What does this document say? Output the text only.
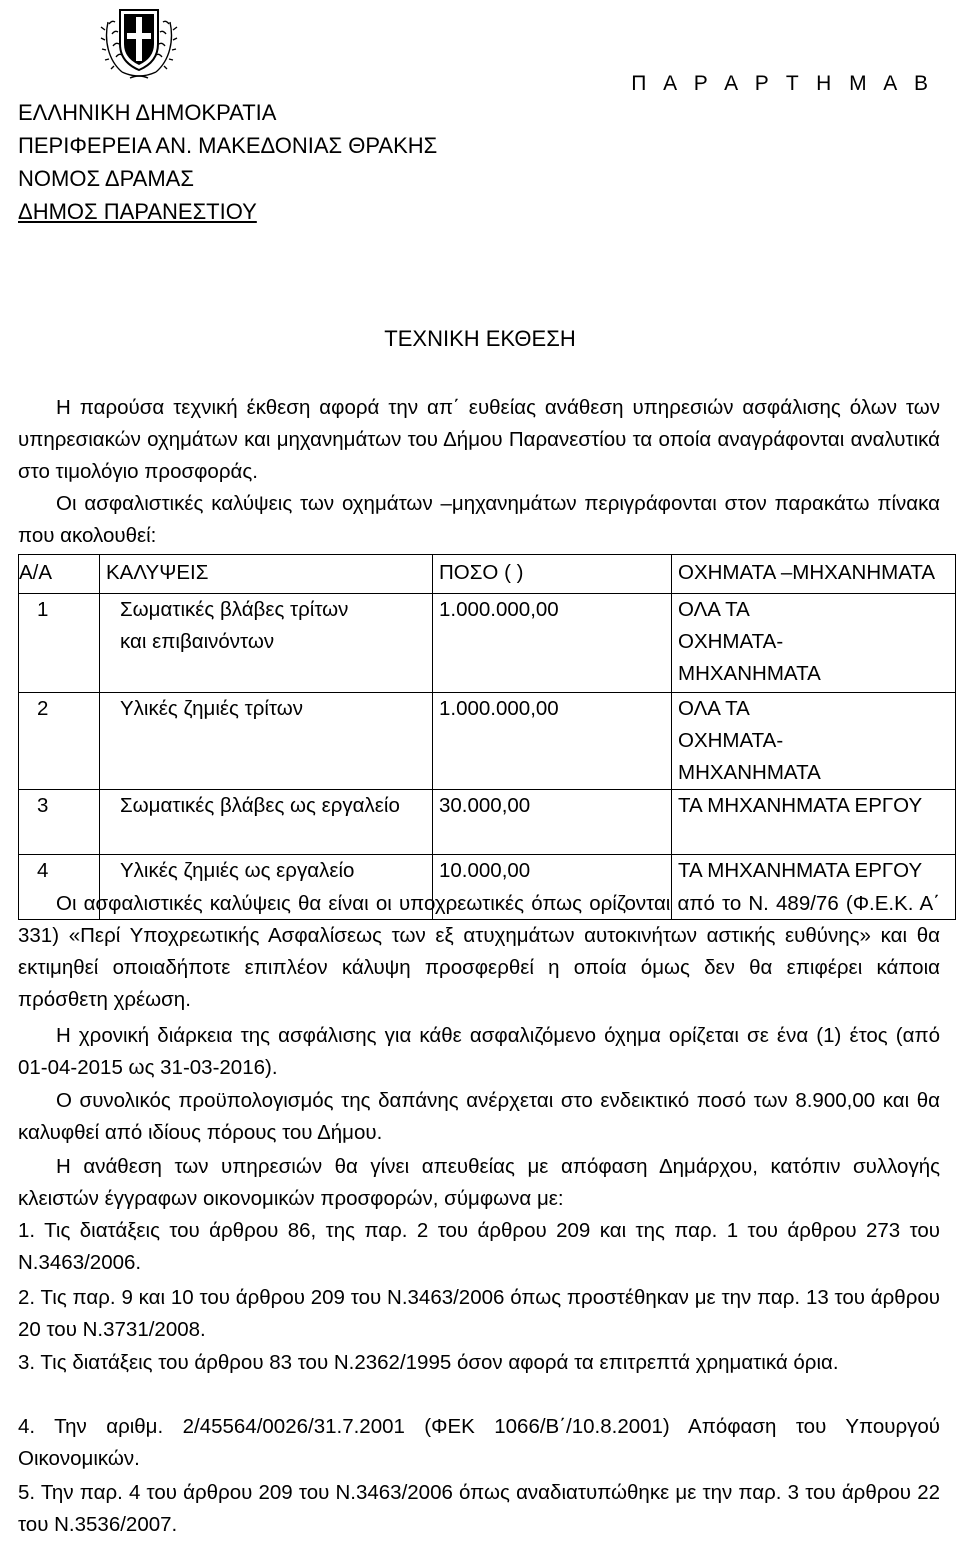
Π Α Ρ Α Ρ Τ Η Μ Α Β
ΕΛΛΗΝΙΚΗ ΔΗΜΟΚΡΑΤΙΑ
ΠΕΡΙΦΕΡΕΙΑ ΑΝ. ΜΑΚΕΔΟΝΙΑΣ ΘΡΑΚΗΣ
ΝΟΜΟΣ ΔΡΑΜΑΣ
ΔΗΜΟΣ ΠΑΡΑΝΕΣΤΙΟΥ
ΤΕΧΝΙΚΗ ΕΚΘΕΣΗ
Η παρούσα τεχνική έκθεση αφορά την απ΄ ευθείας ανάθεση υπηρεσιών ασφάλισης όλων των υπηρεσιακών οχημάτων και μηχανημάτων του Δήμου Παρανεστίου τα οποία αναγράφονται αναλυτικά στο τιμολόγιο προσφοράς.
Οι ασφαλιστικές καλύψεις των οχημάτων –μηχανημάτων περιγράφονται στον παρακάτω πίνακα που ακολουθεί:
Α/Α	ΚΑΛΥΨΕΙΣ	ΠΟΣΟ ( )	ΟΧΗΜΑΤΑ –ΜΗΧΑΝΗΜΑΤΑ
1	Σωματικές βλάβες τρίτων και επιβαινόντων	1.000.000,00	ΟΛΑ ΤΑ ΟΧΗΜΑΤΑ-ΜΗΧΑΝΗΜΑΤΑ
2	Υλικές ζημιές τρίτων	1.000.000,00	ΟΛΑ ΤΑ ΟΧΗΜΑΤΑ-ΜΗΧΑΝΗΜΑΤΑ
3	Σωματικές βλάβες ως εργαλείο	30.000,00	ΤΑ ΜΗΧΑΝΗΜΑΤΑ ΕΡΓΟΥ
4	Υλικές ζημιές ως εργαλείο	10.000,00	ΤΑ ΜΗΧΑΝΗΜΑΤΑ ΕΡΓΟΥ
Οι ασφαλιστικές καλύψεις θα είναι οι υποχρεωτικές όπως ορίζονται από το Ν. 489/76 (Φ.Ε.Κ. Α΄ 331) «Περί Υποχρεωτικής Ασφαλίσεως των εξ ατυχημάτων αυτοκινήτων αστικής ευθύνης» και θα εκτιμηθεί οποιαδήποτε επιπλέον κάλυψη προσφερθεί η οποία όμως δεν θα επιφέρει κάποια πρόσθετη χρέωση.
Η χρονική διάρκεια της ασφάλισης για κάθε ασφαλιζόμενο όχημα ορίζεται σε ένα (1) έτος (από 01-04-2015 ως 31-03-2016).
Ο συνολικός προϋπολογισμός της δαπάνης ανέρχεται στο ενδεικτικό ποσό των 8.900,00 και θα καλυφθεί από ιδίους πόρους του Δήμου.
Η ανάθεση των υπηρεσιών θα γίνει απευθείας με απόφαση Δημάρχου, κατόπιν συλλογής κλειστών έγγραφων οικονομικών προσφορών, σύμφωνα με:
1. Τις διατάξεις του άρθρου 86, της παρ. 2 του άρθρου 209 και της παρ. 1 του άρθρου 273 του Ν.3463/2006.
2. Τις παρ. 9 και 10 του άρθρου 209 του Ν.3463/2006 όπως προστέθηκαν με την παρ. 13 του άρθρου 20 του Ν.3731/2008.
3. Τις διατάξεις του άρθρου 83 του Ν.2362/1995 όσον αφορά τα επιτρεπτά χρηματικά όρια.
4. Την αριθμ. 2/45564/0026/31.7.2001 (ΦΕΚ 1066/Β΄/10.8.2001) Απόφαση του Υπουργού Οικονομικών.
5. Την παρ. 4 του άρθρου 209 του Ν.3463/2006 όπως αναδιατυπώθηκε με την παρ. 3 του άρθρου 22 του Ν.3536/2007.
